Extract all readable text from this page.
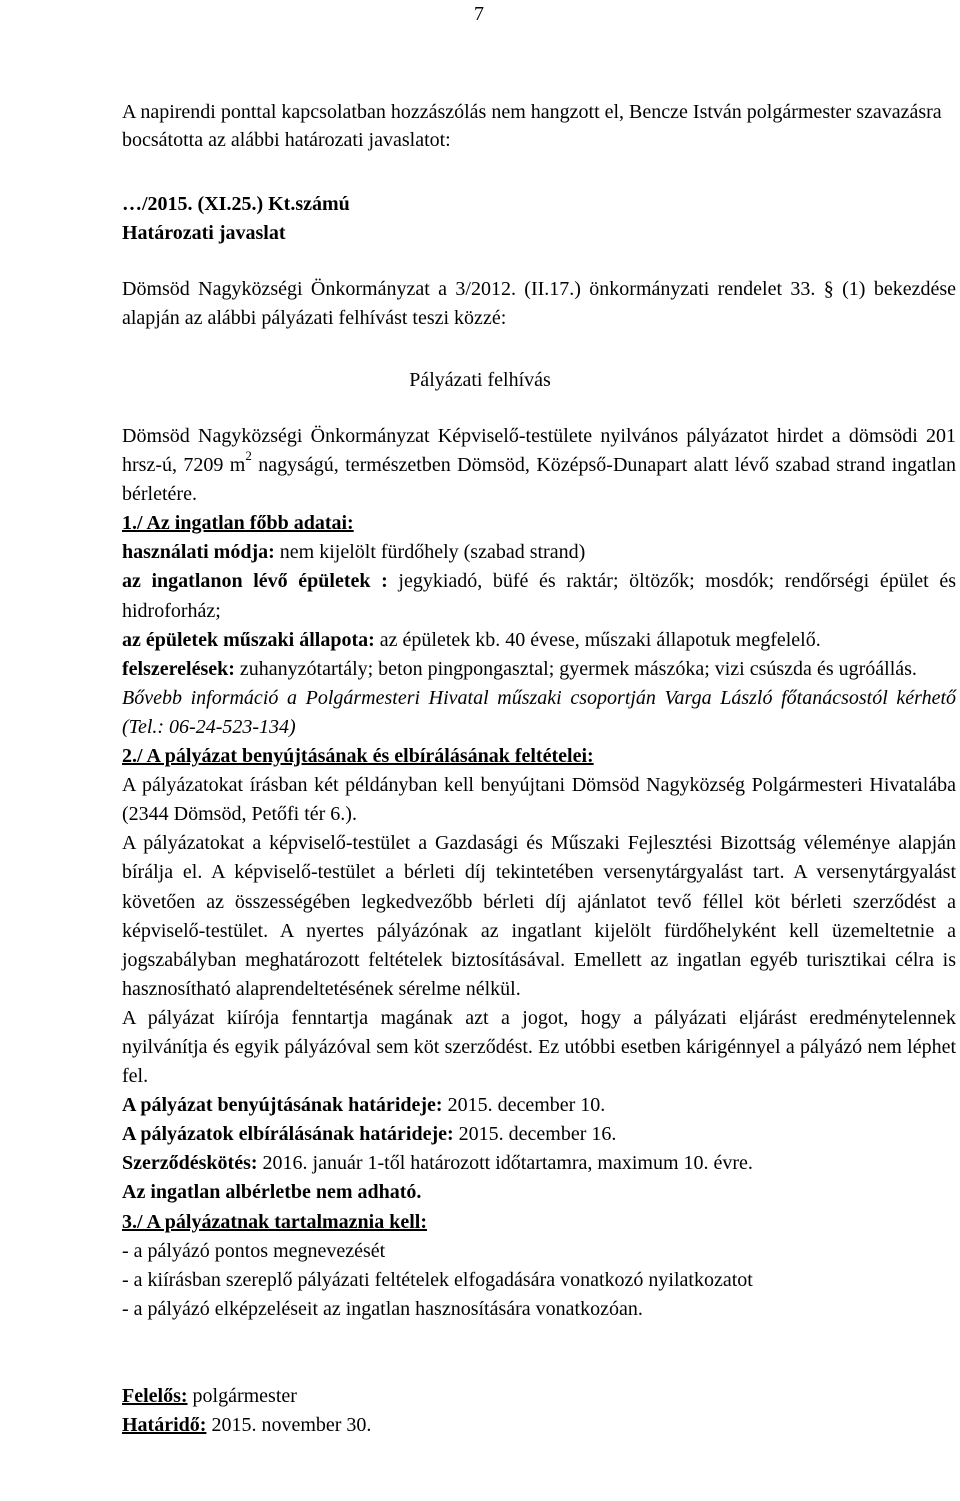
7
A napirendi ponttal kapcsolatban hozzászólás nem hangzott el, Bencze István polgármester szavazásra bocsátotta az alábbi határozati javaslatot:
…/2015. (XI.25.) Kt.számú
Határozati javaslat
Dömsöd Nagyközségi Önkormányzat a 3/2012. (II.17.) önkormányzati rendelet 33. § (1) bekezdése alapján az alábbi pályázati felhívást teszi közzé:
Pályázati felhívás

Dömsöd Nagyközségi Önkormányzat Képviselő-testülete nyilvános pályázatot hirdet a dömsödi 201 hrsz-ú, 7209 $m^2$ nagyságú, természetben Dömsöd, Középső-Dunapart alatt lévő szabad strand ingatlan bérletére.

1./ Az ingatlan főbb adatai:

használati módja: nem kijelölt fürdőhely (szabad strand)

az ingatlanon lévő épületek : jegykiadó, büfé és raktár; öltözők; mosdók; rendőrségi épület és hidroforház;

az épületek műszaki állapota: az épületek kb. 40 évese, műszaki állapotuk megfelelő.

felszerelések: zuhanyzótartály; beton pingpongasztal; gyermek mászóka; vizi csúszda és ugróállás.

Bővebb információ a Polgármesteri Hivatal műszaki csoportján Varga László főtanácsostól kérhető (Tel.: 06-24-523-134)

2./ A pályázat benyújtásának és elbírálásának feltételei:

A pályázatokat írásban két példányban kell benyújtani Dömsöd Nagyközség Polgármesteri Hivatalába (2344 Dömsöd, Petőfi tér 6.).

A pályázatokat a képviselő-testület a Gazdasági és Műszaki Fejlesztési Bizottság véleménye alapján bírálja el. A képviselő-testület a bérleti díj tekintetében versenytárgyalást tart. A versenytárgyalást követően az összességében legkedvezőbb bérleti díj ajánlatot tevő féllel köt bérleti szerződést a képviselő-testület. A nyertes pályázónak az ingatlant kijelölt fürdőhelyként kell üzemeltetnie a jogszabályban meghatározott feltételek biztosításával. Emellett az ingatlan egyéb turisztikai célra is hasznosítható alaprendeltetésének sérelme nélkül.

A pályázat kiírója fenntartja magának azt a jogot, hogy a pályázati eljárást eredménytelennek nyilvánítja és egyik pályázóval sem köt szerződést. Ez utóbbi esetben kárigénnyel a pályázó nem léphet fel.

A pályázat benyújtásának határideje: 2015. december 10.

A pályázatok elbírálásának határideje: 2015. december 16.

Szerződéskötés: 2016. január 1-től határozott időtartamra, maximum 10. évre.

Az ingatlan albérletbe nem adható.

3./ A pályázatnak tartalmaznia kell:

- a pályázó pontos megnevezését

- a kiírásban szereplő pályázati feltételek elfogadására vonatkozó nyilatkozatot

- a pályázó elképzeléseit az ingatlan hasznosítására vonatkozóan.

Felelős: polgármester

Határidő: 2015. november 30.
